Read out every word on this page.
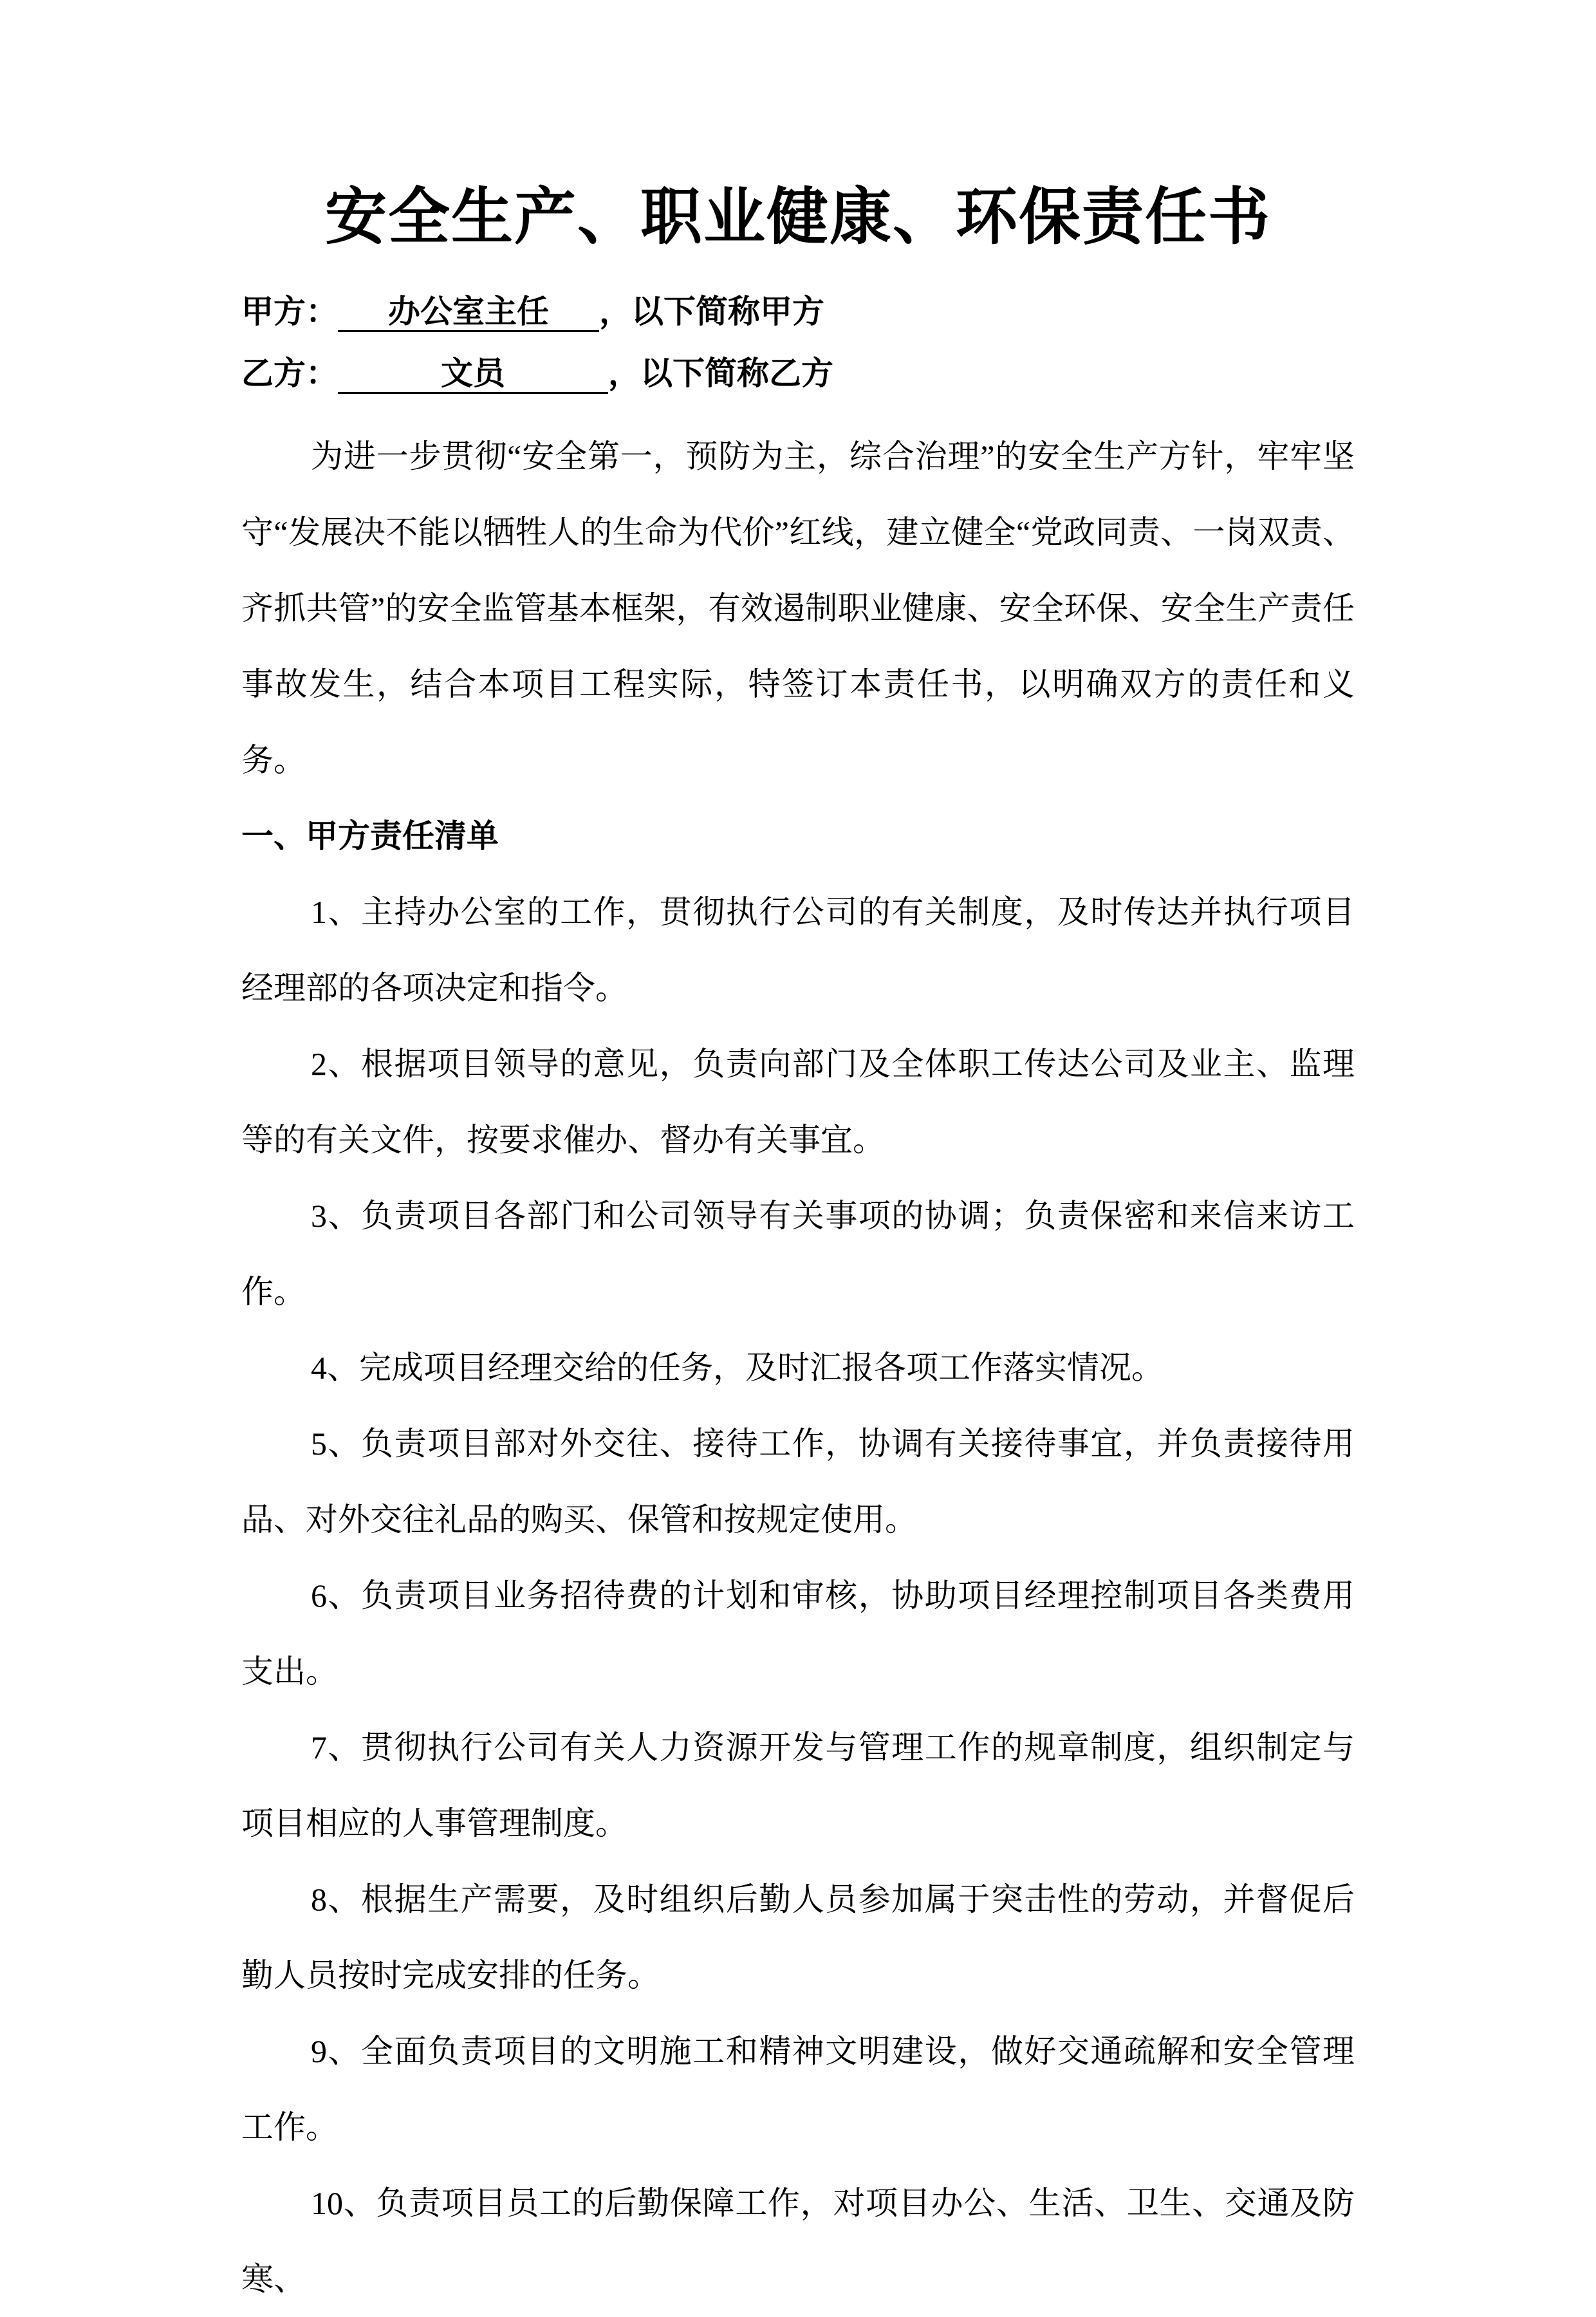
安全生产、职业健康、环保责任书
甲方： 办公室主任 ，以下简称甲方
乙方：	文员	，以下简称乙方

为进一步贯彻“安全第一，预防为主，综合治理”的安全生产方针，牢牢坚守“发展决不能以牺牲人的生命为代价”红线，建立健全“党政同责、一岗双责、齐抓共管”的安全监管基本框架，有效遏制职业健康、安全环保、安全生产责任事故发生，结合本项目工程实际，特签订本责任书，以明确双方的责任和义务。

一、甲方责任清单

1、主持办公室的工作，贯彻执行公司的有关制度，及时传达并执行项目经理部的各项决定和指令。

2、根据项目领导的意见，负责向部门及全体职工传达公司及业主、监理等的有关文件，按要求催办、督办有关事宜。

3、负责项目各部门和公司领导有关事项的协调；负责保密和来信来访工作。

4、完成项目经理交给的任务，及时汇报各项工作落实情况。

5、负责项目部对外交往、接待工作，协调有关接待事宜，并负责接待用品、对外交往礼品的购买、保管和按规定使用。

6、负责项目业务招待费的计划和审核，协助项目经理控制项目各类费用支出。

7、贯彻执行公司有关人力资源开发与管理工作的规章制度，组织制定与项目相应的人事管理制度。

8、根据生产需要，及时组织后勤人员参加属于突击性的劳动，并督促后勤人员按时完成安排的任务。

9、全面负责项目的文明施工和精神文明建设，做好交通疏解和安全管理工作。

10、负责项目员工的后勤保障工作，对项目办公、生活、卫生、交通及防寒、
